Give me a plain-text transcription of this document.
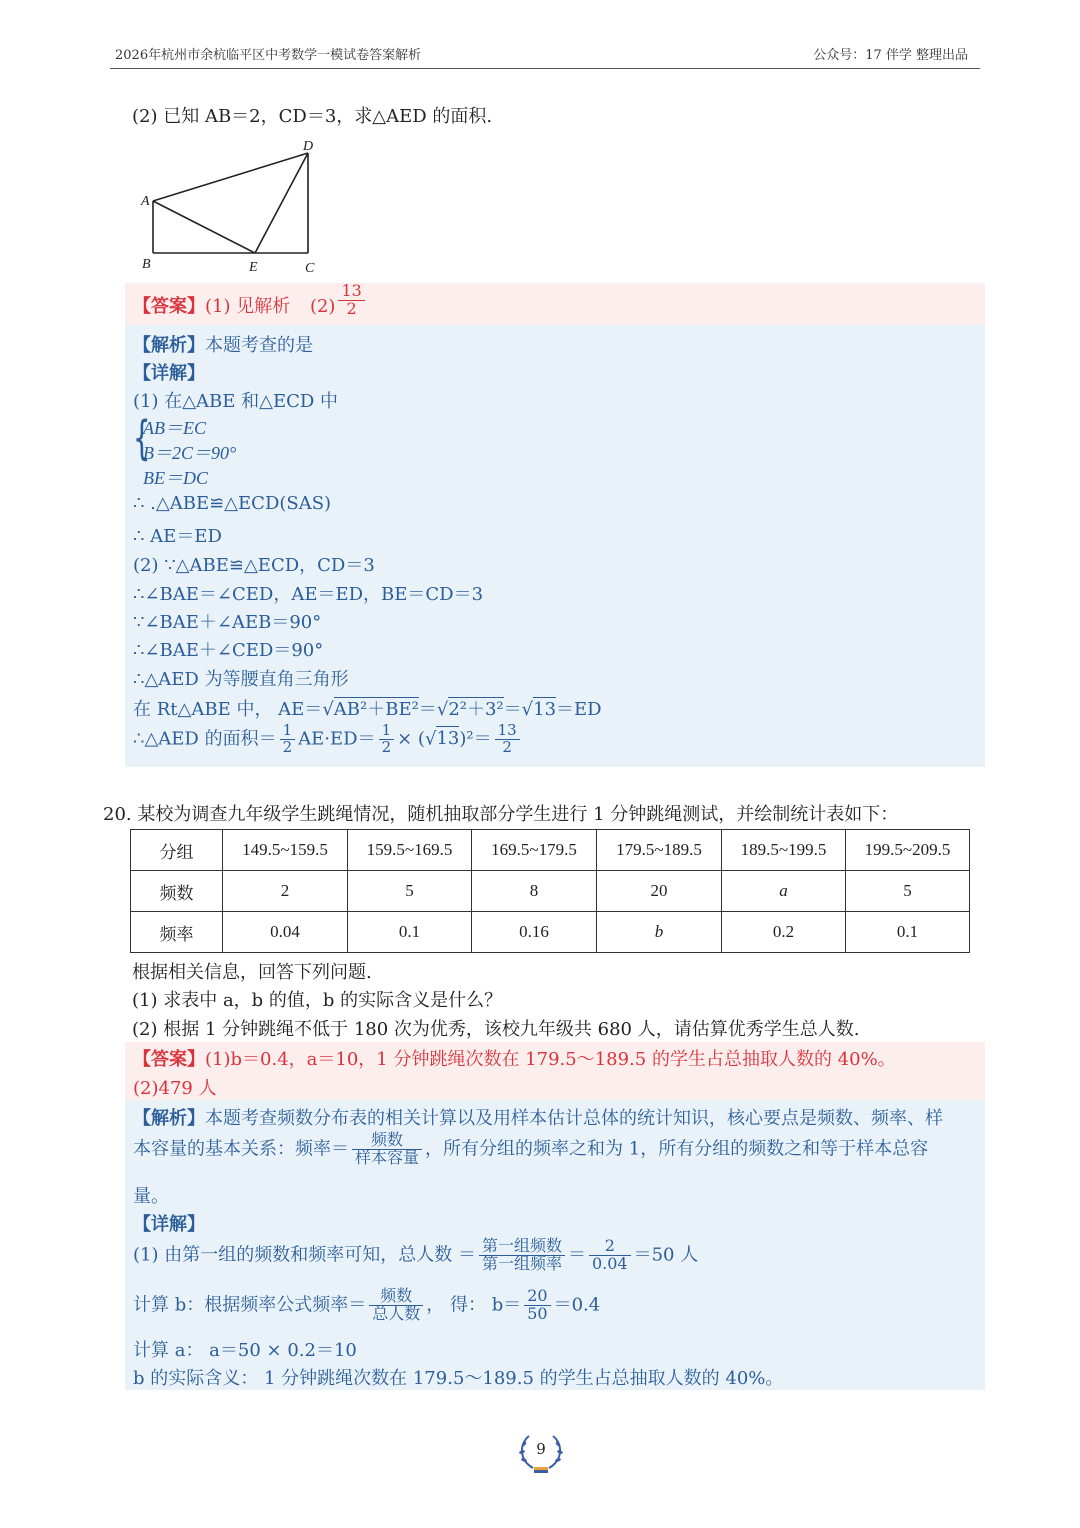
2026年杭州市余杭临平区中考数学一模试卷答案解析	公众号：17 伴学 整理出品
(2) 已知 AB＝2，CD＝3，求△AED 的面积.
A
B	C
D
E
【答案】(1) 见解析 $(2) \frac{13}{2}$
【解析】本题考查的是
【详解】
(1) 在△ABE 和△ECD 中
{
AB＝EC
B＝2C＝90°
BE＝DC
∴ .△ABE≌△ECD(SAS)
∴ AE＝ED
(2) ∵△ABE≌△ECD，CD＝3
∴∠BAE＝∠CED，AE＝ED，BE＝CD＝3
∵∠BAE＋∠AEB＝90°
∴∠BAE＋∠CED＝90°
∴△AED 为等腰直角三角形
在 Rt△ABE 中， AE＝√AB²＋BE²＝√2²＋3²＝√13＝ED
∴△AED 的面积＝ $\frac{1}{2} AE\cdot ED= \frac{1}{2} \times (√13)^2= \frac{13}{2}$
20. 某校为调查九年级学生跳绳情况，随机抽取部分学生进行 1 分钟跳绳测试，并绘制统计表如下：
分组	149.5~159.5	159.5~169.5	169.5~179.5	179.5~189.5	189.5~199.5	199.5~209.5
频数	2	5	8	20	a	5
频率	0.04	0.1	0.16	b	0.2	0.1
根据相关信息，回答下列问题.
(1) 求表中 a，b 的值，b 的实际含义是什么？
(2) 根据 1 分钟跳绳不低于 180 次为优秀，该校九年级共 680 人，请估算优秀学生总人数.
【答案】(1)b＝0.4，a＝10，1 分钟跳绳次数在 179.5～189.5 的学生占总抽取人数的 40%。
(2)479 人
【解析】本题考查频数分布表的相关计算以及用样本估计总体的统计知识，核心要点是频数、频率、样
本容量的基本关系：频率＝ $\frac{\text{频数}}{\text{样本容量}}$ ，所有分组的频率之和为 1，所有分组的频数之和等于样本总容
量。
【详解】
(1) 由第一组的频数和频率可知，总人数 ＝ $\frac{\text{第一组频数}}{\text{第一组频率}} = \frac{2}{0.04} =50$ 人
计算 b：根据频率公式频率＝ $\frac{\text{频数}}{\text{总人数}}$ ， 得： $b= \frac{20}{50} =0.4$
计算 a： a＝50 × 0.2＝10
b 的实际含义： 1 分钟跳绳次数在 179.5～189.5 的学生占总抽取人数的 40%。
9
